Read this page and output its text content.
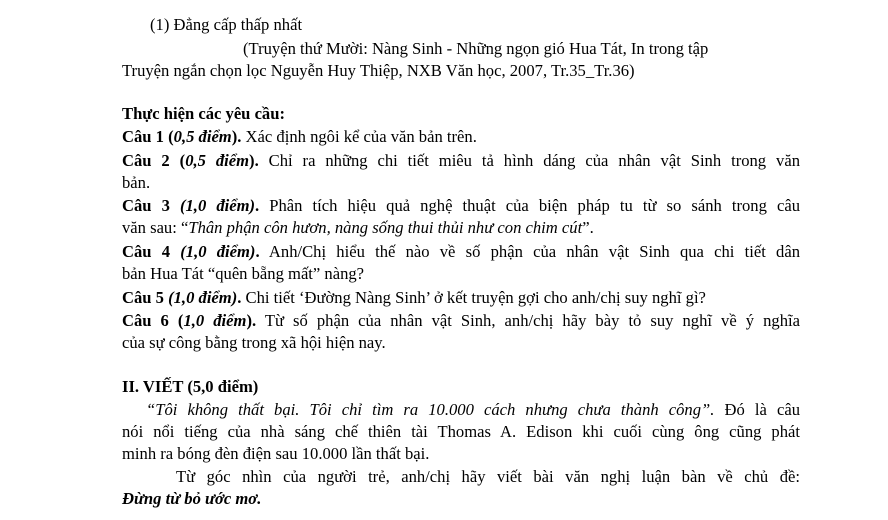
(1) Đẳng cấp thấp nhất
(Truyện thứ Mười: Nàng Sinh - Những ngọn gió Hua Tát, In trong tập
Truyện ngắn chọn lọc Nguyễn Huy Thiệp, NXB Văn học, 2007, Tr.35_Tr.36)
Thực hiện các yêu cầu:
Câu 1 (0,5 điểm). Xác định ngôi kể của văn bản trên.
Câu 2 (0,5 điểm). Chỉ ra những chi tiết miêu tả hình dáng của nhân vật Sinh trong văn
bản.
Câu 3 (1,0 điểm). Phân tích hiệu quả nghệ thuật của biện pháp tu từ so sánh trong câu
văn sau: “Thân phận côn hươn, nàng sống thui thủi như con chim cút”.
Câu 4 (1,0 điểm). Anh/Chị hiểu thế nào về số phận của nhân vật Sinh qua chi tiết dân
bản Hua Tát “quên bẵng mất” nàng?
Câu 5 (1,0 điểm). Chi tiết ‘Đường Nàng Sinh’ ở kết truyện gợi cho anh/chị suy nghĩ gì?
Câu 6 (1,0 điểm). Từ số phận của nhân vật Sinh, anh/chị hãy bày tỏ suy nghĩ về ý nghĩa
của sự công bằng trong xã hội hiện nay.
II. VIẾT (5,0 điểm)
“Tôi không thất bại. Tôi chỉ tìm ra 10.000 cách nhưng chưa thành công”. Đó là câu
nói nổi tiếng của nhà sáng chế thiên tài Thomas A. Edison khi cuối cùng ông cũng phát
minh ra bóng đèn điện sau 10.000 lần thất bại.
Từ góc nhìn của người trẻ, anh/chị hãy viết bài văn nghị luận bàn về chủ đề:
Đừng từ bỏ ước mơ.
